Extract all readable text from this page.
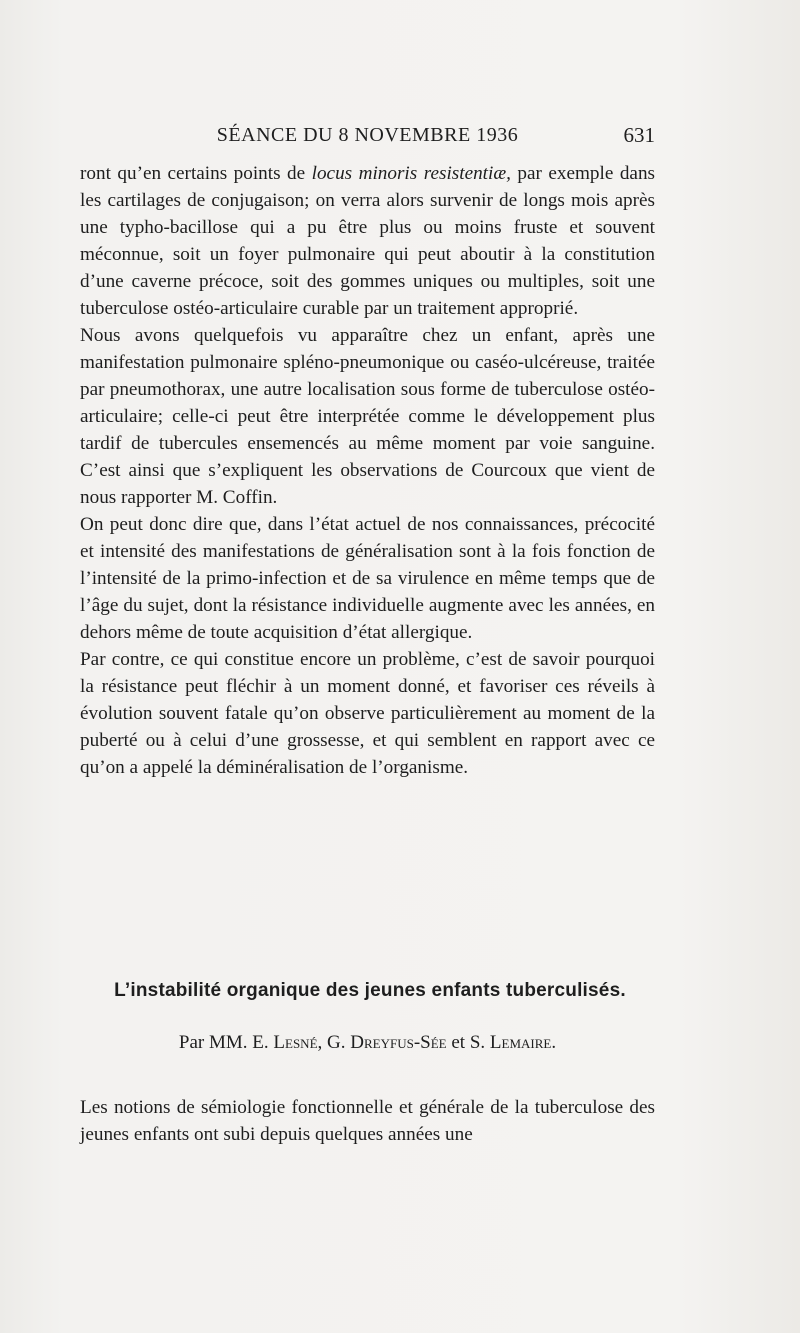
SÉANCE DU 8 NOVEMBRE 1936	631

ront qu’en certains points de locus minoris resistentiæ, par exemple dans les cartilages de conjugaison; on verra alors survenir de longs mois après une typho-bacillose qui a pu être plus ou moins fruste et souvent méconnue, soit un foyer pulmonaire qui peut aboutir à la constitution d’une caverne précoce, soit des gommes uniques ou multiples, soit une tuberculose ostéo-articulaire curable par un traitement approprié.

Nous avons quelquefois vu apparaître chez un enfant, après une manifestation pulmonaire spléno-pneumonique ou caséo-ulcéreuse, traitée par pneumothorax, une autre localisation sous forme de tuberculose ostéo-articulaire; celle-ci peut être interprétée comme le développement plus tardif de tubercules ensemencés au même moment par voie sanguine. C’est ainsi que s’expliquent les observations de Courcoux que vient de nous rapporter M. Coffin.

On peut donc dire que, dans l’état actuel de nos connaissances, précocité et intensité des manifestations de généralisation sont à la fois fonction de l’intensité de la primo-infection et de sa virulence en même temps que de l’âge du sujet, dont la résistance individuelle augmente avec les années, en dehors même de toute acquisition d’état allergique.

Par contre, ce qui constitue encore un problème, c’est de savoir pourquoi la résistance peut fléchir à un moment donné, et favoriser ces réveils à évolution souvent fatale qu’on observe particulièrement au moment de la puberté ou à celui d’une grossesse, et qui semblent en rapport avec ce qu’on a appelé la déminéralisation de l’organisme.

L’instabilité organique des jeunes enfants tuberculisés.
Par MM. E. Lesné, G. Dreyfus-Sée et S. Lemaire.

Les notions de sémiologie fonctionnelle et générale de la tuberculose des jeunes enfants ont subi depuis quelques années une
